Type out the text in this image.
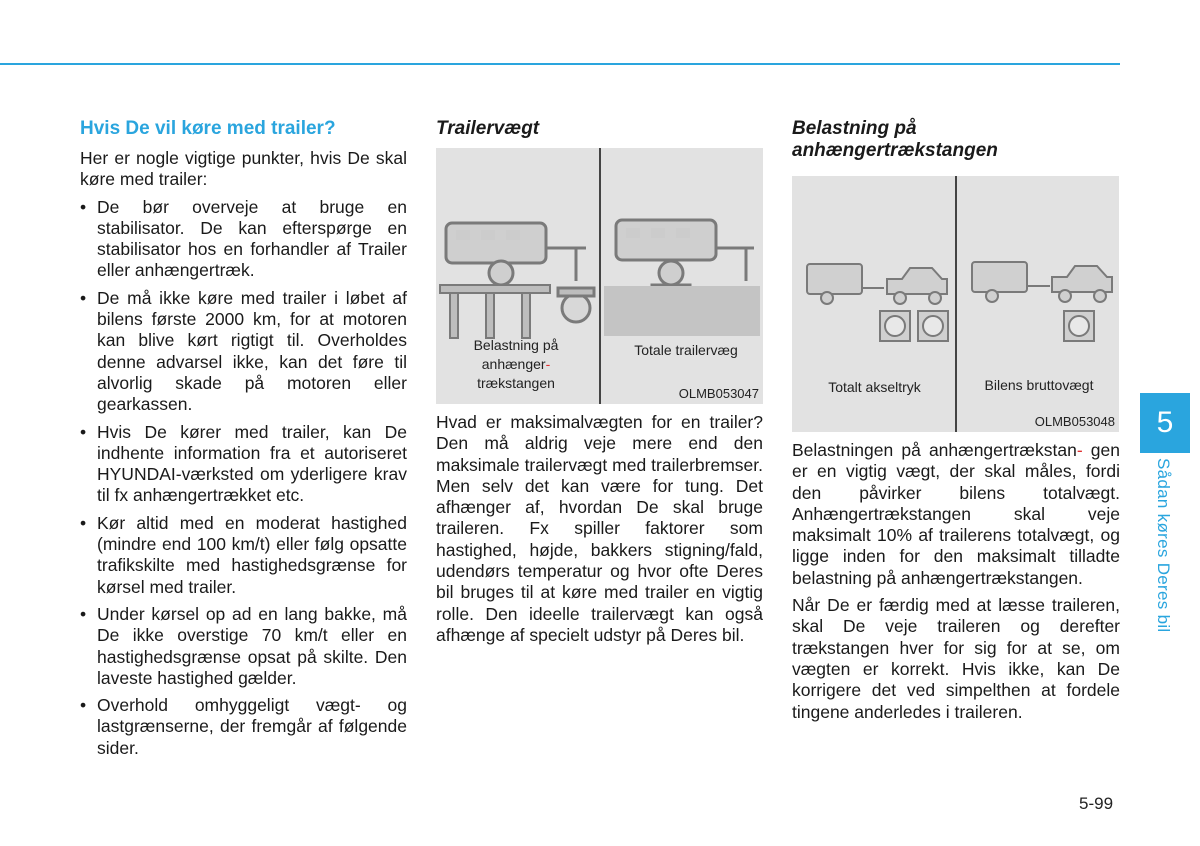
Hvis De vil køre med trailer?

Her er nogle vigtige punkter, hvis De skal køre med trailer:

• De bør overveje at bruge en stabilisator. De kan efterspørge en stabilisator hos en forhandler af Trailer eller anhængertræk.
• De må ikke køre med trailer i løbet af bilens første 2000 km, for at motoren kan blive kørt rigtigt til. Overholdes denne advarsel ikke, kan det føre til alvorlig skade på motoren eller gearkassen.
• Hvis De kører med trailer, kan De indhente information fra et autoriseret HYUNDAI-værksted om yderligere krav til fx anhængertrækket etc.
• Kør altid med en moderat hastighed (mindre end 100 km/t) eller følg opsatte trafikskilte med hastighedsgrænse for kørsel med trailer.
• Under kørsel op ad en lang bakke, må De ikke overstige 70 km/t eller en hastighedsgrænse opsat på skilte. Den laveste hastighed gælder.
• Overhold omhyggeligt vægt- og lastgrænserne, der fremgår af følgende sider.
Trailervægt
Belastning på
anhænger-
trækstangen
Totale trailervæg
OLMB053047

Hvad er maksimalvægten for en trailer? Den må aldrig veje mere end den maksimale trailervægt med trailerbremser. Men selv det kan være for tung. Det afhænger af, hvordan De skal bruge traileren. Fx spiller faktorer som hastighed, højde, bakkers stigning/fald, udendørs temperatur og hvor ofte Deres bil bruges til at køre med trailer en vigtig rolle. Den ideelle trailervægt kan også afhænge af specielt udstyr på Deres bil.

Belastning på anhængertrækstangen
Totalt akseltryk	Bilens bruttovægt
OLMB053048

Belastningen på anhængertrækstan- gen er en vigtig vægt, der skal måles, fordi den påvirker bilens totalvægt. Anhængertrækstangen skal veje maksimalt 10% af trailerens totalvægt, og ligge inden for den maksimalt tilladte belastning på anhængertrækstangen.

Når De er færdig med at læsse traileren, skal De veje traileren og derefter trækstangen hver for sig for at se, om vægten er korrekt. Hvis ikke, kan De korrigere det ved simpelthen at fordele tingene anderledes i traileren.

5
Sådan køres Deres bil
5-99
